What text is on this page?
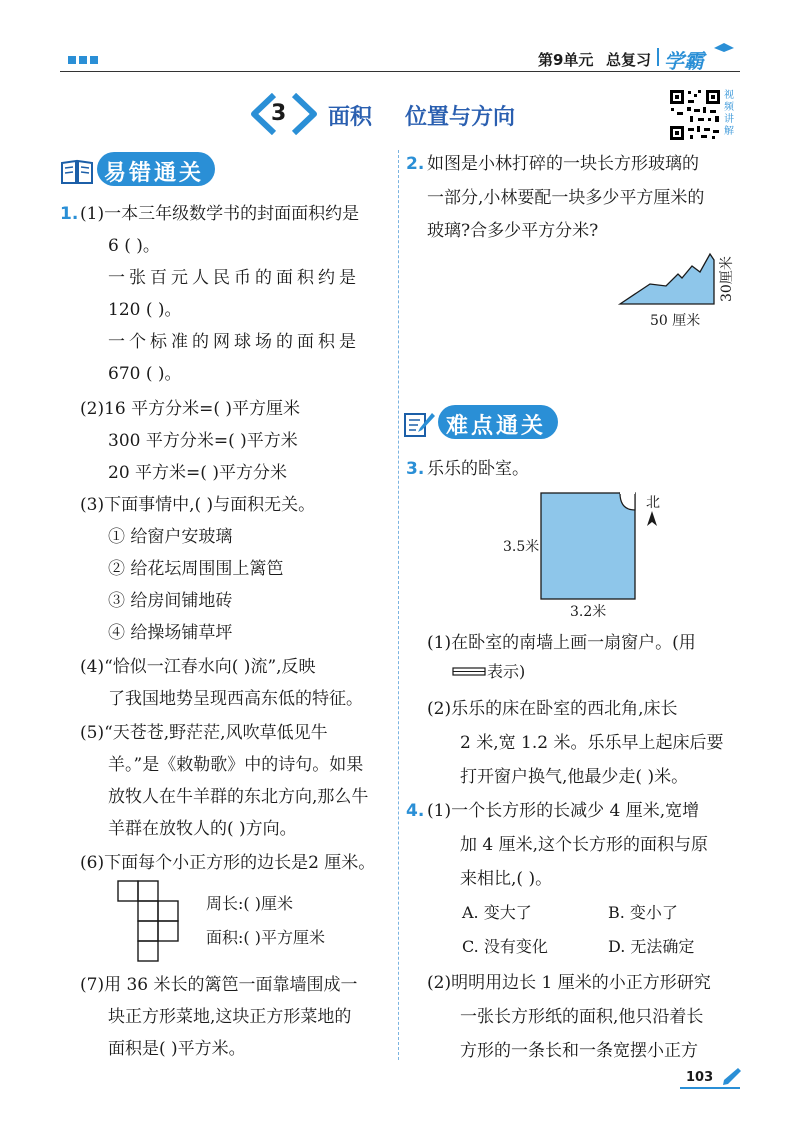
第9单元 总复习 学霸
3 面积 位置与方向
视频讲解
易错通关
1. (1)一本三年级数学书的封面面积约是
6 ( )。
一张百元人民币的面积约是
120 ( )。
一个标准的网球场的面积是
670 ( )。
(2)16 平方分米=( )平方厘米
300 平方分米=( )平方米
20 平方米=( )平方分米
(3)下面事情中,( )与面积无关。
① 给窗户安玻璃
② 给花坛周围围上篱笆
③ 给房间铺地砖
④ 给操场铺草坪
(4)“恰似一江春水向( )流”,反映
了我国地势呈现西高东低的特征。
(5)“天苍苍,野茫茫,风吹草低见牛
羊。”是《敕勒歌》中的诗句。如果
放牧人在牛羊群的东北方向,那么牛
羊群在放牧人的( )方向。
(6)下面每个小正方形的边长是2 厘米。
周长:( )厘米
面积:( )平方厘米
(7)用 36 米长的篱笆一面靠墙围成一
块正方形菜地,这块正方形菜地的
面积是( )平方米。
2. 如图是小林打碎的一块长方形玻璃的
一部分,小林要配一块多少平方厘米的
玻璃?合多少平方分米?
30厘米
50 厘米
难点通关
3. 乐乐的卧室。
北
3.5米
3.2米
(1)在卧室的南墙上画一扇窗户。(用
表示)
(2)乐乐的床在卧室的西北角,床长
2 米,宽 1.2 米。乐乐早上起床后要
打开窗户换气,他最少走( )米。
4. (1)一个长方形的长减少 4 厘米,宽增
加 4 厘米,这个长方形的面积与原
来相比,( )。
A. 变大了	B. 变小了
C. 没有变化	D. 无法确定
(2)明明用边长 1 厘米的小正方形研究
一张长方形纸的面积,他只沿着长
方形的一条长和一条宽摆小正方
103
